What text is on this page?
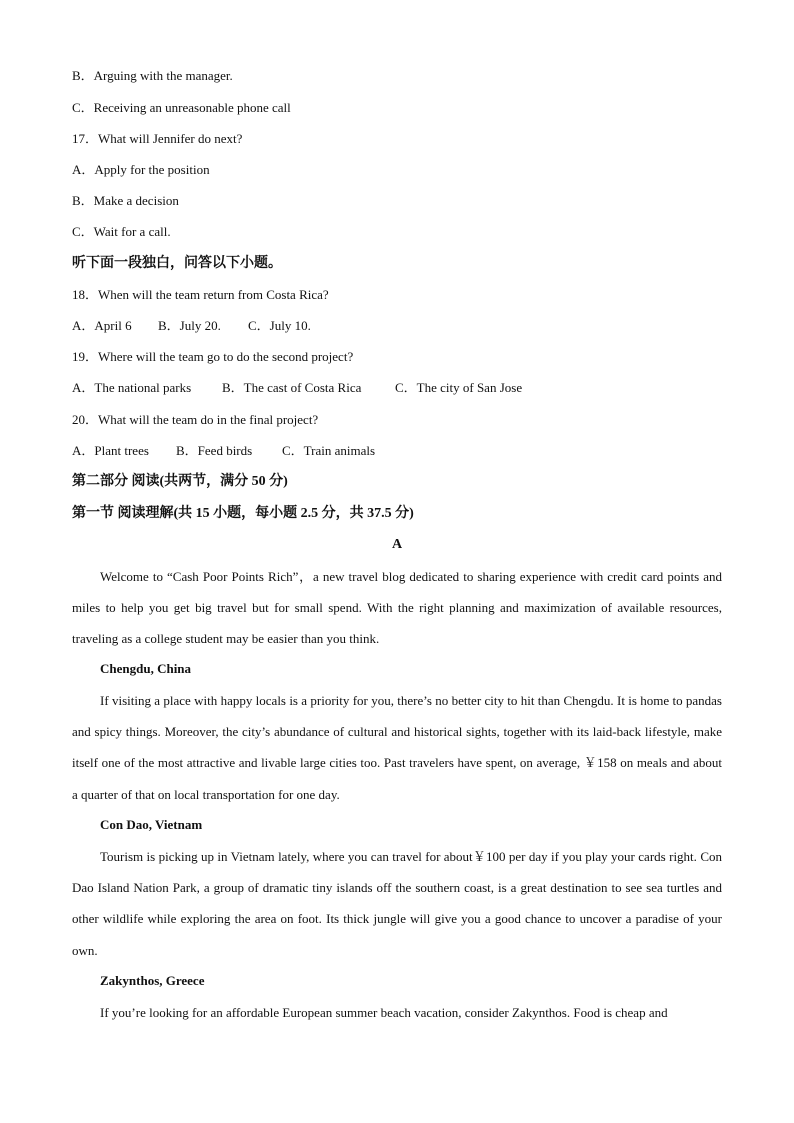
B．Arguing with the manager.
C．Receiving an unreasonable phone call
17．What will Jennifer do next?
A．Apply for the position
B．Make a decision
C．Wait for a call.
听下面一段独白，问答以下小题。
18．When will the team return from Costa Rica?
A．April 6 B．July 20. C．July 10.
19．Where will the team go to do the second project?
A．The national parks B．The cast of Costa Rica	C．The city of San Jose
20．What will the team do in the final project?
A．Plant trees B．Feed birds C．Train animals
第二部分 阅读(共两节，满分 50 分)
第一节 阅读理解(共 15 小题，每小题 2.5 分，共 37.5 分)
A

Welcome to “Cash Poor Points Rich”，a new travel blog dedicated to sharing experience with credit card points and miles to help you get big travel but for small spend. With the right planning and maximization of available resources, traveling as a college student may be easier than you think.

Chengdu, China

If visiting a place with happy locals is a priority for you, there’s no better city to hit than Chengdu. It is home to pandas and spicy things. Moreover, the city’s abundance of cultural and historical sights, together with its laid-back lifestyle, make itself one of the most attractive and livable large cities too. Past travelers have spent, on average, ￥158 on meals and about a quarter of that on local transportation for one day.

Con Dao, Vietnam

Tourism is picking up in Vietnam lately, where you can travel for about￥100 per day if you play your cards right. Con Dao Island Nation Park, a group of dramatic tiny islands off the southern coast, is a great destination to see sea turtles and other wildlife while exploring the area on foot. Its thick jungle will give you a good chance to uncover a paradise of your own.

Zakynthos, Greece

If you’re looking for an affordable European summer beach vacation, consider Zakynthos. Food is cheap and
